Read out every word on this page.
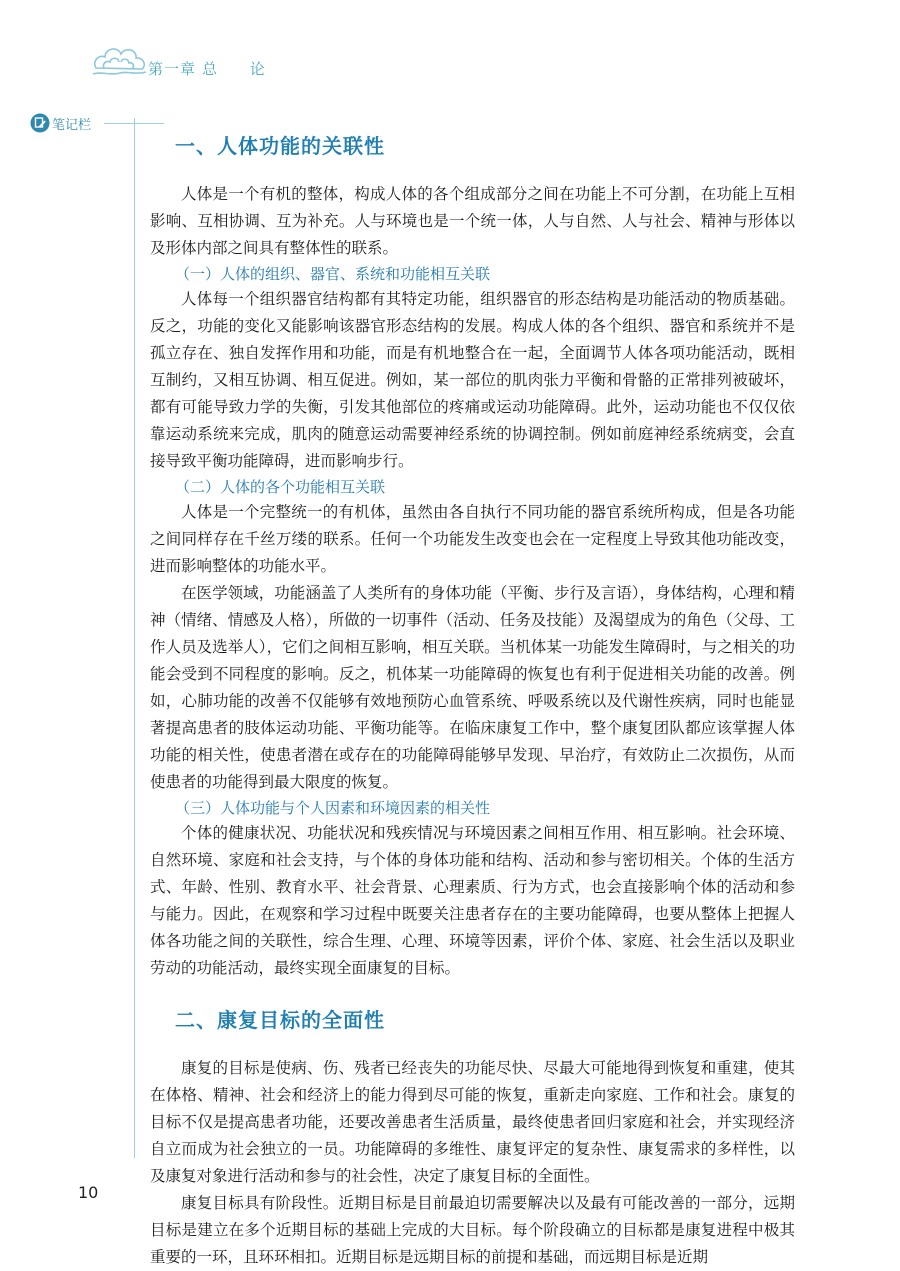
第一章 总 论
笔记栏
一、人体功能的关联性

人体是一个有机的整体，构成人体的各个组成部分之间在功能上不可分割，在功能上互相影响、互相协调、互为补充。人与环境也是一个统一体，人与自然、人与社会、精神与形体以及形体内部之间具有整体性的联系。

（一）人体的组织、器官、系统和功能相互关联

人体每一个组织器官结构都有其特定功能，组织器官的形态结构是功能活动的物质基础。反之，功能的变化又能影响该器官形态结构的发展。构成人体的各个组织、器官和系统并不是孤立存在、独自发挥作用和功能，而是有机地整合在一起，全面调节人体各项功能活动，既相互制约，又相互协调、相互促进。例如，某一部位的肌肉张力平衡和骨骼的正常排列被破坏，都有可能导致力学的失衡，引发其他部位的疼痛或运动功能障碍。此外，运动功能也不仅仅依靠运动系统来完成，肌肉的随意运动需要神经系统的协调控制。例如前庭神经系统病变，会直接导致平衡功能障碍，进而影响步行。

（二）人体的各个功能相互关联

人体是一个完整统一的有机体，虽然由各自执行不同功能的器官系统所构成，但是各功能之间同样存在千丝万缕的联系。任何一个功能发生改变也会在一定程度上导致其他功能改变，进而影响整体的功能水平。

在医学领域，功能涵盖了人类所有的身体功能（平衡、步行及言语），身体结构，心理和精神（情绪、情感及人格），所做的一切事件（活动、任务及技能）及渴望成为的角色（父母、工作人员及选举人），它们之间相互影响，相互关联。当机体某一功能发生障碍时，与之相关的功能会受到不同程度的影响。反之，机体某一功能障碍的恢复也有利于促进相关功能的改善。例如，心肺功能的改善不仅能够有效地预防心血管系统、呼吸系统以及代谢性疾病，同时也能显著提高患者的肢体运动功能、平衡功能等。在临床康复工作中，整个康复团队都应该掌握人体功能的相关性，使患者潜在或存在的功能障碍能够早发现、早治疗，有效防止二次损伤，从而使患者的功能得到最大限度的恢复。

（三）人体功能与个人因素和环境因素的相关性

个体的健康状况、功能状况和残疾情况与环境因素之间相互作用、相互影响。社会环境、自然环境、家庭和社会支持，与个体的身体功能和结构、活动和参与密切相关。个体的生活方式、年龄、性别、教育水平、社会背景、心理素质、行为方式，也会直接影响个体的活动和参与能力。因此，在观察和学习过程中既要关注患者存在的主要功能障碍，也要从整体上把握人体各功能之间的关联性，综合生理、心理、环境等因素，评价个体、家庭、社会生活以及职业劳动的功能活动，最终实现全面康复的目标。

二、康复目标的全面性

康复的目标是使病、伤、残者已经丧失的功能尽快、尽最大可能地得到恢复和重建，使其在体格、精神、社会和经济上的能力得到尽可能的恢复，重新走向家庭、工作和社会。康复的目标不仅是提高患者功能，还要改善患者生活质量，最终使患者回归家庭和社会，并实现经济自立而成为社会独立的一员。功能障碍的多维性、康复评定的复杂性、康复需求的多样性，以及康复对象进行活动和参与的社会性，决定了康复目标的全面性。

康复目标具有阶段性。近期目标是目前最迫切需要解决以及最有可能改善的一部分，远期目标是建立在多个近期目标的基础上完成的大目标。每个阶段确立的目标都是康复进程中极其重要的一环，且环环相扣。近期目标是远期目标的前提和基础，而远期目标是近期

10
